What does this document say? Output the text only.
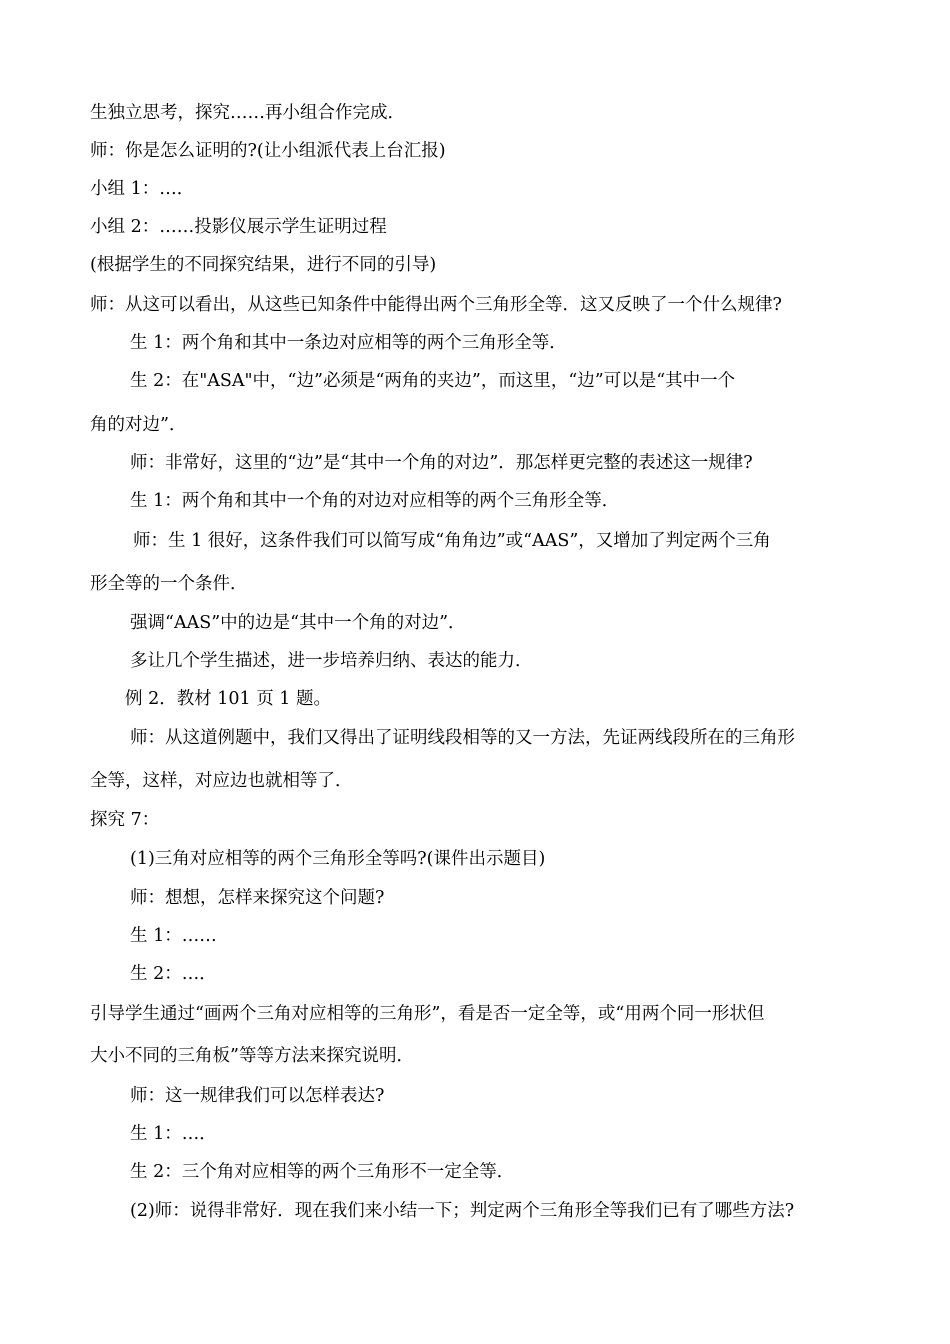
生独立思考，探究……再小组合作完成．
师：你是怎么证明的?(让小组派代表上台汇报)
小组 1：…．
小组 2：……投影仪展示学生证明过程
(根据学生的不同探究结果，进行不同的引导)
师：从这可以看出，从这些已知条件中能得出两个三角形全等．这又反映了一个什么规律?
生 1：两个角和其中一条边对应相等的两个三角形全等．
生 2：在"ASA"中，“边”必须是“两角的夹边”，而这里，“边”可以是“其中一个
角的对边”．
师：非常好，这里的“边”是“其中一个角的对边”．那怎样更完整的表述这一规律?
生 1：两个角和其中一个角的对边对应相等的两个三角形全等．
师：生 1 很好，这条件我们可以简写成“角角边”或“AAS”，又增加了判定两个三角
形全等的一个条件．
强调“AAS”中的边是“其中一个角的对边”．
多让几个学生描述，进一步培养归纳、表达的能力．
例 2．教材 101 页 1 题。
师：从这道例题中，我们又得出了证明线段相等的又一方法，先证两线段所在的三角形
全等，这样，对应边也就相等了．
探究 7：
(1)三角对应相等的两个三角形全等吗?(课件出示题目)
师：想想，怎样来探究这个问题?
生 1：……
生 2：…．
引导学生通过“画两个三角对应相等的三角形”，看是否一定全等，或“用两个同一形状但
大小不同的三角板”等等方法来探究说明．
师：这一规律我们可以怎样表达?
生 1：…．
生 2：三个角对应相等的两个三角形不一定全等．
(2)师：说得非常好．现在我们来小结一下；判定两个三角形全等我们已有了哪些方法?
